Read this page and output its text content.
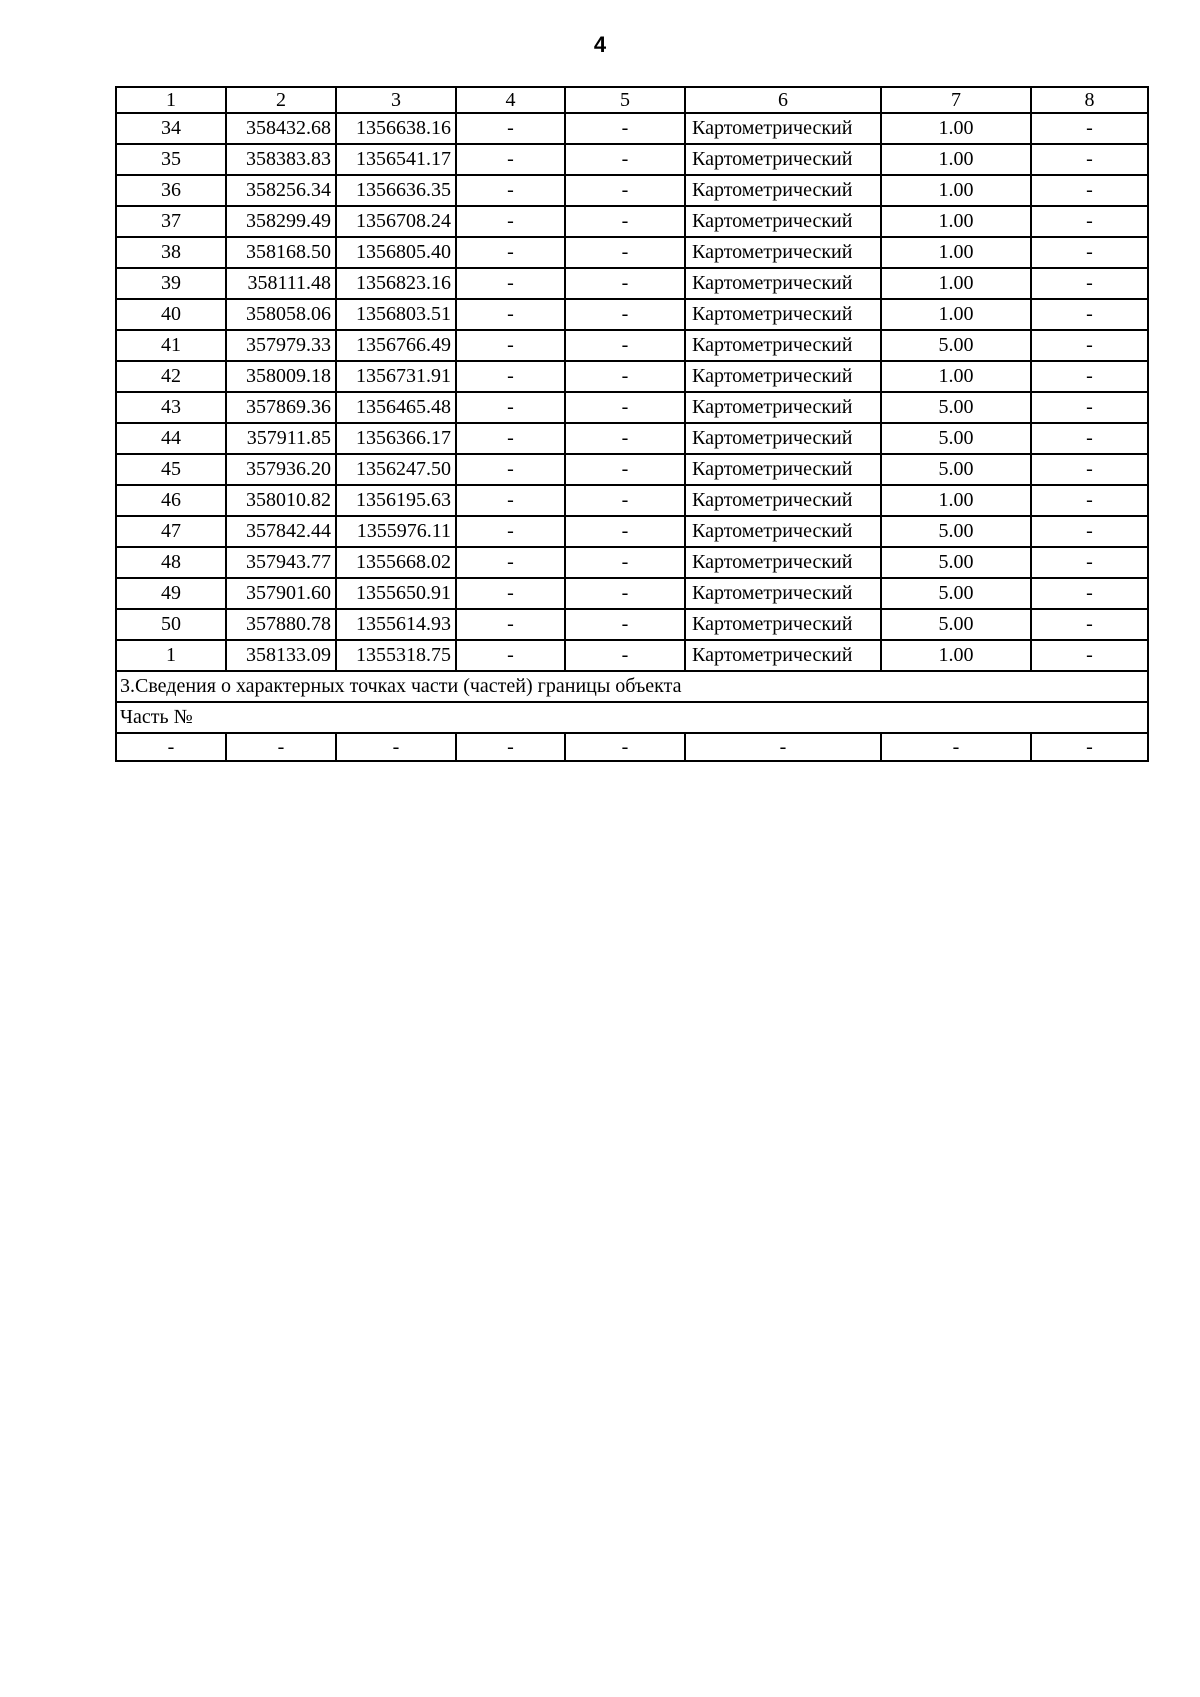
4
1	2	3	4	5	6	7	8
34	358432.68	1356638.16	-	-	Картометрический	1.00	-
35	358383.83	1356541.17	-	-	Картометрический	1.00	-
36	358256.34	1356636.35	-	-	Картометрический	1.00	-
37	358299.49	1356708.24	-	-	Картометрический	1.00	-
38	358168.50	1356805.40	-	-	Картометрический	1.00	-
39	358111.48	1356823.16	-	-	Картометрический	1.00	-
40	358058.06	1356803.51	-	-	Картометрический	1.00	-
41	357979.33	1356766.49	-	-	Картометрический	5.00	-
42	358009.18	1356731.91	-	-	Картометрический	1.00	-
43	357869.36	1356465.48	-	-	Картометрический	5.00	-
44	357911.85	1356366.17	-	-	Картометрический	5.00	-
45	357936.20	1356247.50	-	-	Картометрический	5.00	-
46	358010.82	1356195.63	-	-	Картометрический	1.00	-
47	357842.44	1355976.11	-	-	Картометрический	5.00	-
48	357943.77	1355668.02	-	-	Картометрический	5.00	-
49	357901.60	1355650.91	-	-	Картометрический	5.00	-
50	357880.78	1355614.93	-	-	Картометрический	5.00	-
1	358133.09	1355318.75	-	-	Картометрический	1.00	-
3.Сведения о характерных точках части (частей) границы объекта							
Часть №							
-	-	-	-	-	-	-	-
